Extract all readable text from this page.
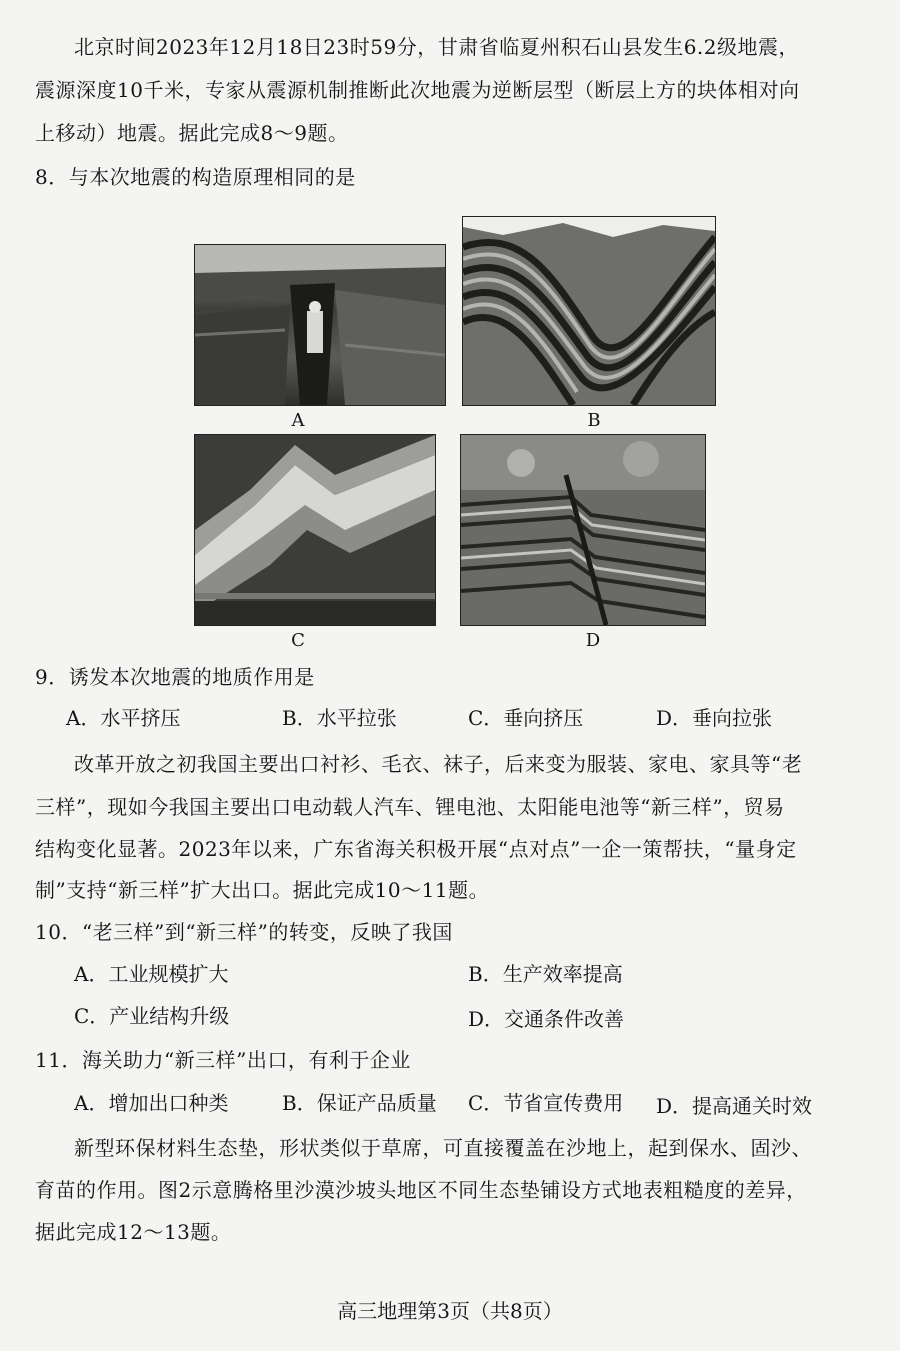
北京时间2023年12月18日23时59分，甘肃省临夏州积石山县发生6.2级地震，
震源深度10千米，专家从震源机制推断此次地震为逆断层型（断层上方的块体相对向
上移动）地震。据此完成8～9题。
8．与本次地震的构造原理相同的是
A	B
C	D
9．诱发本次地震的地质作用是
A．水平挤压	B．水平拉张	C．垂向挤压	D．垂向拉张
改革开放之初我国主要出口衬衫、毛衣、袜子，后来变为服装、家电、家具等“老
三样”，现如今我国主要出口电动载人汽车、锂电池、太阳能电池等“新三样”，贸易
结构变化显著。2023年以来，广东省海关积极开展“点对点”一企一策帮扶，“量身定
制”支持“新三样”扩大出口。据此完成10～11题。
10．“老三样”到“新三样”的转变，反映了我国
A．工业规模扩大	B．生产效率提高
C．产业结构升级	D．交通条件改善
11．海关助力“新三样”出口，有利于企业
A．增加出口种类	B．保证产品质量 C．节省宣传费用 D．提高通关时效
新型环保材料生态垫，形状类似于草席，可直接覆盖在沙地上，起到保水、固沙、
育苗的作用。图2示意腾格里沙漠沙坡头地区不同生态垫铺设方式地表粗糙度的差异，
据此完成12～13题。
高三地理第3页（共8页）
